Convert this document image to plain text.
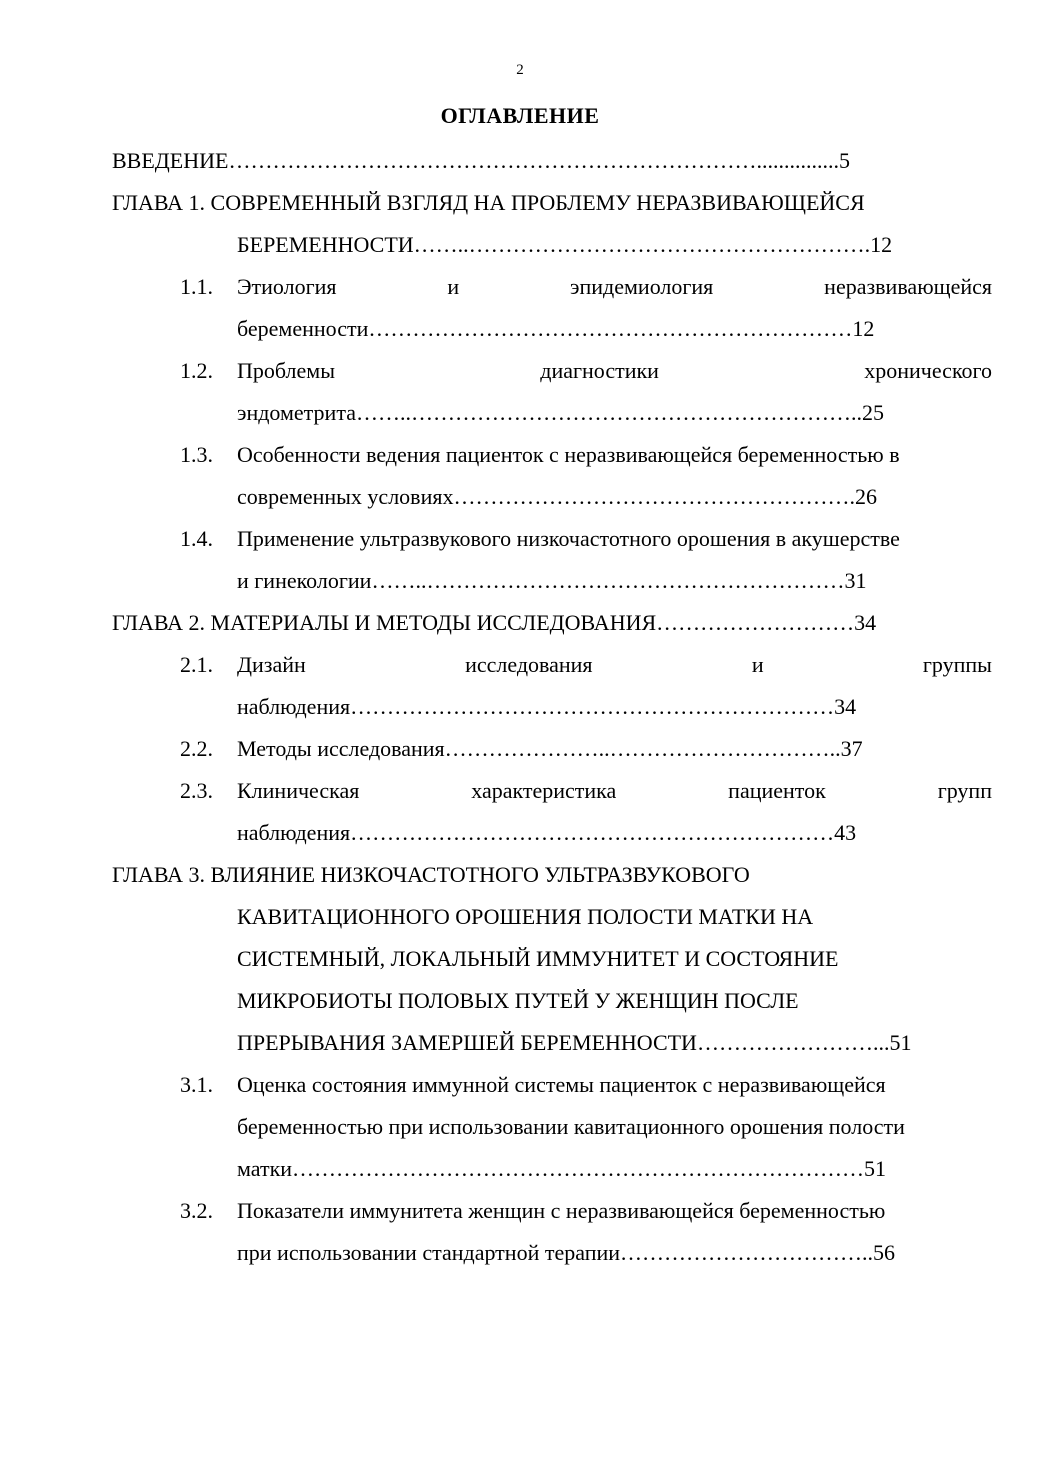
2
ОГЛАВЛЕНИЕ
ВВЕДЕНИЕ………………………………………………………………...............5
ГЛАВА 1. СОВРЕМЕННЫЙ ВЗГЛЯД НА ПРОБЛЕМУ НЕРАЗВИВАЮЩЕЙСЯ
БЕРЕМЕННОСТИ……..……………………………………………….12
1.1.	Этиология	и	эпидемиология	неразвивающейся
беременности…………………………………………………………12
1.2.	Проблемы	диагностики	хронического
эндометрита……..……………………………………………………..25
1.3.	Особенности ведения пациенток с неразвивающейся беременностью в
современных условиях……………………………………………….26
1.4.	Применение ультразвукового низкочастотного орошения в акушерстве
и гинекологии……..…………………………………………………31
ГЛАВА 2. МАТЕРИАЛЫ И МЕТОДЫ ИССЛЕДОВАНИЯ………………………34
2.1.	Дизайн	исследования	и	группы
наблюдения…………………………………………………………34
2.2.	Методы исследования…………………..…………………………..37
2.3.	Клиническая	характеристика	пациенток	групп
наблюдения…………………………………………………………43
ГЛАВА 3. ВЛИЯНИЕ НИЗКОЧАСТОТНОГО УЛЬТРАЗВУКОВОГО
КАВИТАЦИОННОГО ОРОШЕНИЯ ПОЛОСТИ МАТКИ НА
СИСТЕМНЫЙ, ЛОКАЛЬНЫЙ ИММУНИТЕТ И СОСТОЯНИЕ
МИКРОБИОТЫ ПОЛОВЫХ ПУТЕЙ У ЖЕНЩИН ПОСЛЕ
ПРЕРЫВАНИЯ ЗАМЕРШЕЙ БЕРЕМЕННОСТИ……………………...51
3.1.	Оценка состояния иммунной системы пациенток с неразвивающейся
беременностью при использовании кавитационного орошения полости
матки……………………………………………………………………51
3.2.	Показатели иммунитета женщин с неразвивающейся беременностью
при использовании стандартной терапии……………………………..56
